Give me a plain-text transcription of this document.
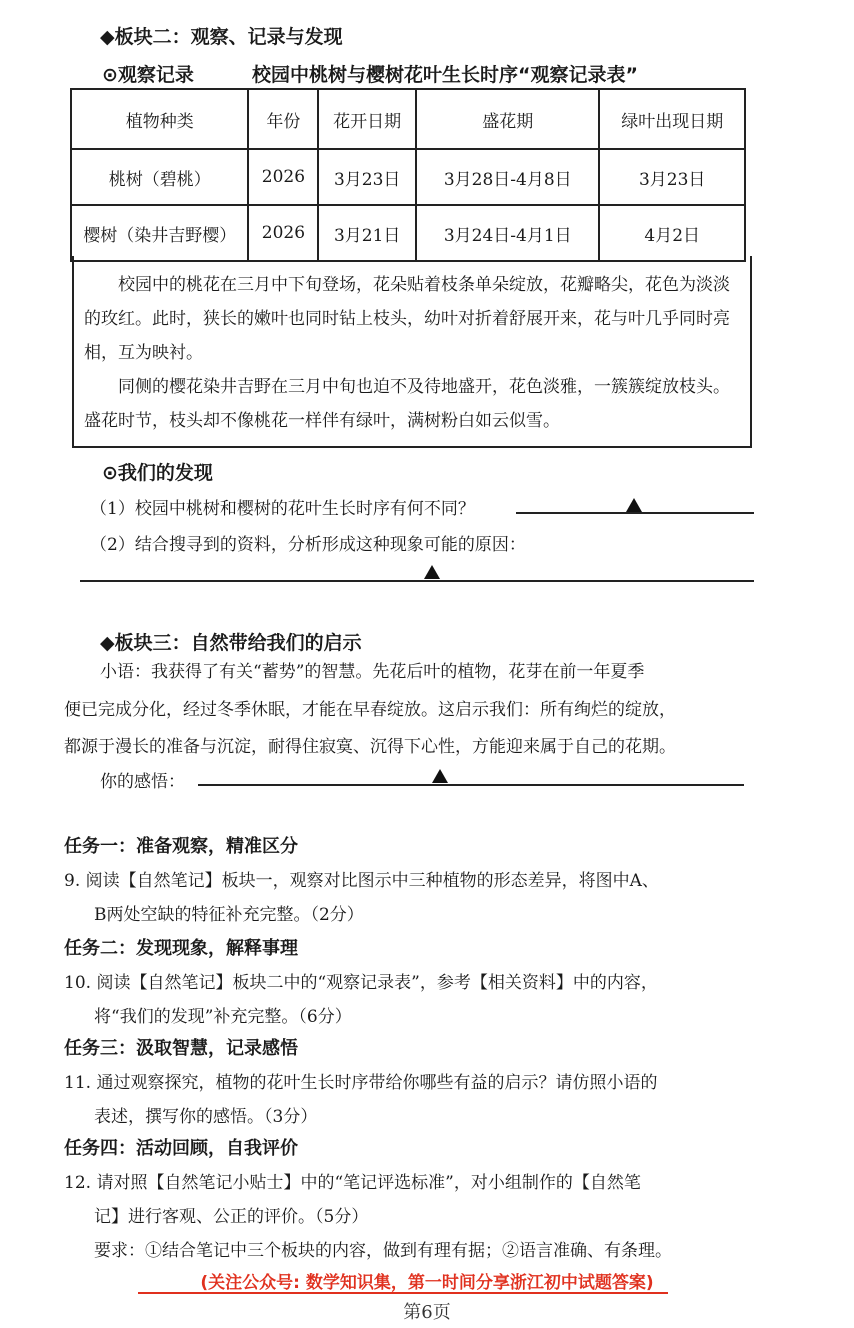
◆板块二：观察、记录与发现
⊙观察记录	校园中桃树与樱树花叶生长时序“观察记录表”
植物种类	年份	花开日期	盛花期	绿叶出现日期
桃树（碧桃）	2026	3月23日	3月28日-4月8日	3月23日
樱树（染井吉野樱）	2026	3月21日	3月24日-4月1日	4月2日

校园中的桃花在三月中下旬登场，花朵贴着枝条单朵绽放，花瓣略尖，花色为淡淡的玫红。此时，狭长的嫩叶也同时钻上枝头，幼叶对折着舒展开来，花与叶几乎同时亮相，互为映衬。

同侧的樱花染井吉野在三月中旬也迫不及待地盛开，花色淡雅，一簇簇绽放枝头。盛花时节，枝头却不像桃花一样伴有绿叶，满树粉白如云似雪。

⊙我们的发现
（1）校园中桃树和樱树的花叶生长时序有何不同？
（2）结合搜寻到的资料，分析形成这种现象可能的原因：
◆板块三：自然带给我们的启示
小语：我获得了有关“蓄势”的智慧。先花后叶的植物，花芽在前一年夏季
便已完成分化，经过冬季休眠，才能在早春绽放。这启示我们：所有绚烂的绽放，
都源于漫长的准备与沉淀，耐得住寂寞、沉得下心性，方能迎来属于自己的花期。
你的感悟：
任务一：准备观察，精准区分
9. 阅读【自然笔记】板块一，观察对比图示中三种植物的形态差异，将图中A、
B两处空缺的特征补充完整。（2分）
任务二：发现现象，解释事理
10. 阅读【自然笔记】板块二中的“观察记录表”，参考【相关资料】中的内容，
将“我们的发现”补充完整。（6分）
任务三：汲取智慧，记录感悟
11. 通过观察探究，植物的花叶生长时序带给你哪些有益的启示？请仿照小语的
表述，撰写你的感悟。（3分）
任务四：活动回顾，自我评价
12. 请对照【自然笔记小贴士】中的“笔记评选标准”，对小组制作的【自然笔
记】进行客观、公正的评价。（5分）
要求：①结合笔记中三个板块的内容，做到有理有据；②语言准确、有条理。
(关注公众号: 数学知识集，第一时间分享浙江初中试题答案)
第6页
